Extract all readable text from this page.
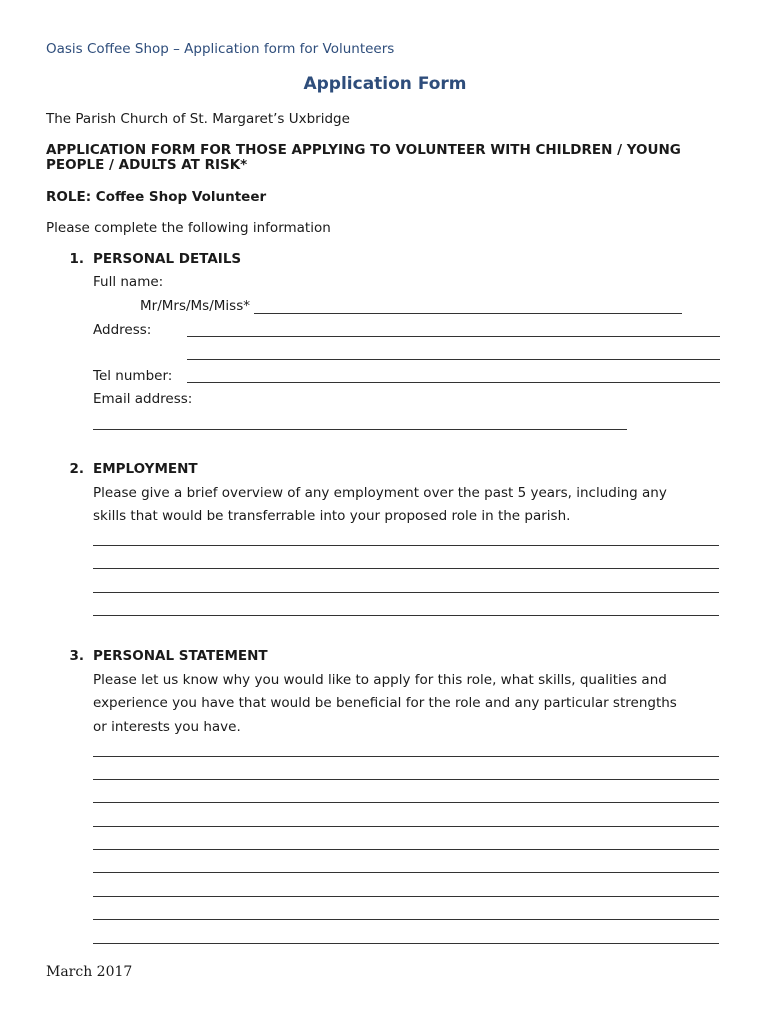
Oasis Coffee Shop – Application form for Volunteers
Application Form
The Parish Church of St. Margaret’s Uxbridge
APPLICATION FORM FOR THOSE APPLYING TO VOLUNTEER WITH CHILDREN / YOUNG
PEOPLE / ADULTS AT RISK*
ROLE: Coffee Shop Volunteer
Please complete the following information
1. PERSONAL DETAILS
Full name:
Mr/Mrs/Ms/Miss*
Address:
Tel number:
Email address:
2. EMPLOYMENT
Please give a brief overview of any employment over the past 5 years, including any
skills that would be transferrable into your proposed role in the parish.
3. PERSONAL STATEMENT
Please let us know why you would like to apply for this role, what skills, qualities and
experience you have that would be beneficial for the role and any particular strengths
or interests you have.
March 2017
